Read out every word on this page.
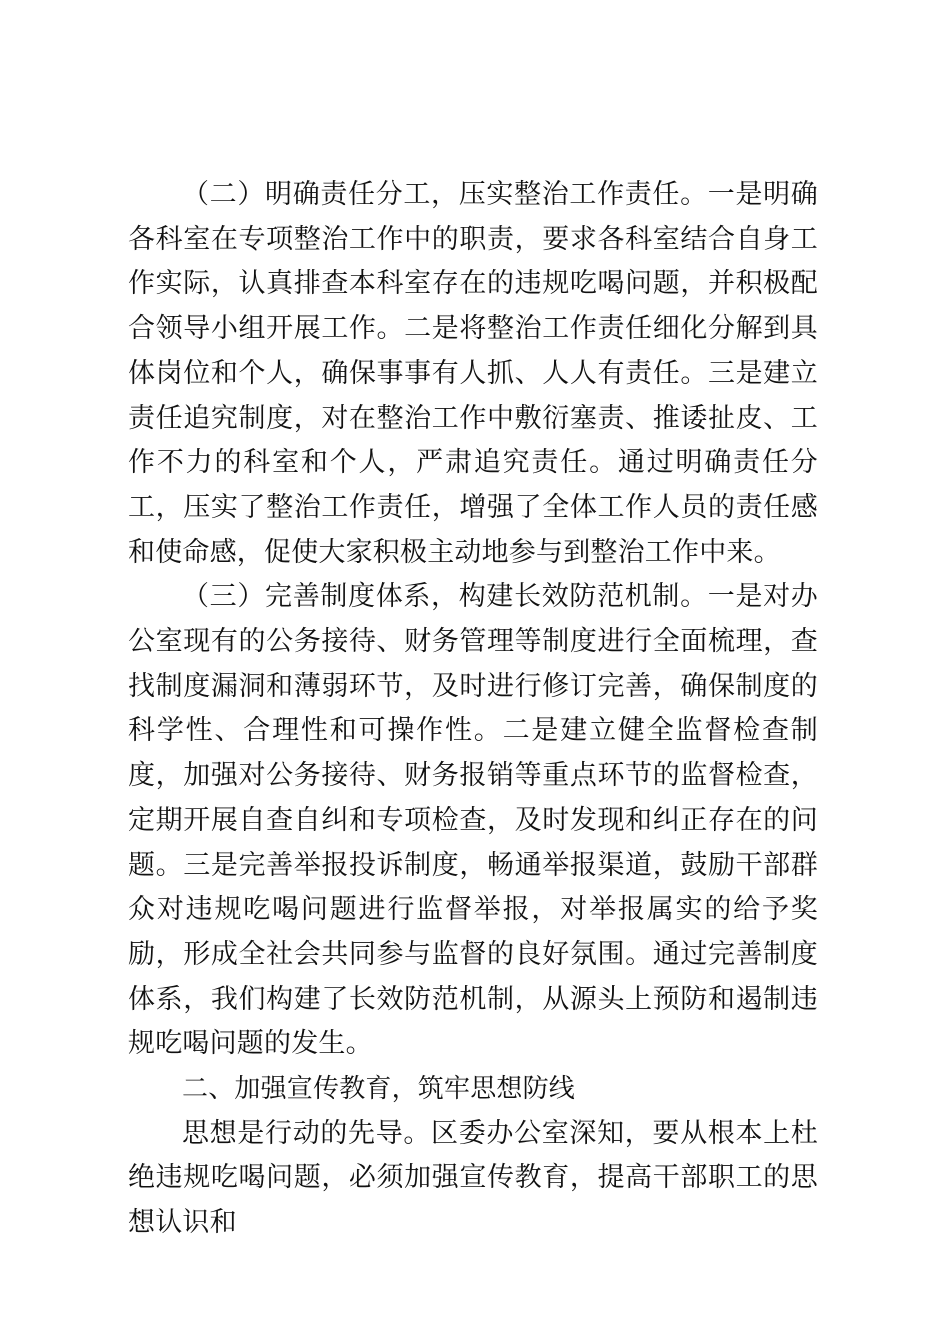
（二）明确责任分工，压实整治工作责任。一是明确各科室在专项整治工作中的职责，要求各科室结合自身工作实际，认真排查本科室存在的违规吃喝问题，并积极配合领导小组开展工作。二是将整治工作责任细化分解到具体岗位和个人，确保事事有人抓、人人有责任。三是建立责任追究制度，对在整治工作中敷衍塞责、推诿扯皮、工作不力的科室和个人，严肃追究责任。通过明确责任分工，压实了整治工作责任，增强了全体工作人员的责任感和使命感，促使大家积极主动地参与到整治工作中来。

（三）完善制度体系，构建长效防范机制。一是对办公室现有的公务接待、财务管理等制度进行全面梳理，查找制度漏洞和薄弱环节，及时进行修订完善，确保制度的科学性、合理性和可操作性。二是建立健全监督检查制度，加强对公务接待、财务报销等重点环节的监督检查，定期开展自查自纠和专项检查，及时发现和纠正存在的问题。三是完善举报投诉制度，畅通举报渠道，鼓励干部群众对违规吃喝问题进行监督举报，对举报属实的给予奖励，形成全社会共同参与监督的良好氛围。通过完善制度体系，我们构建了长效防范机制，从源头上预防和遏制违规吃喝问题的发生。

二、加强宣传教育，筑牢思想防线

思想是行动的先导。区委办公室深知，要从根本上杜绝违规吃喝问题，必须加强宣传教育，提高干部职工的思想认识和
